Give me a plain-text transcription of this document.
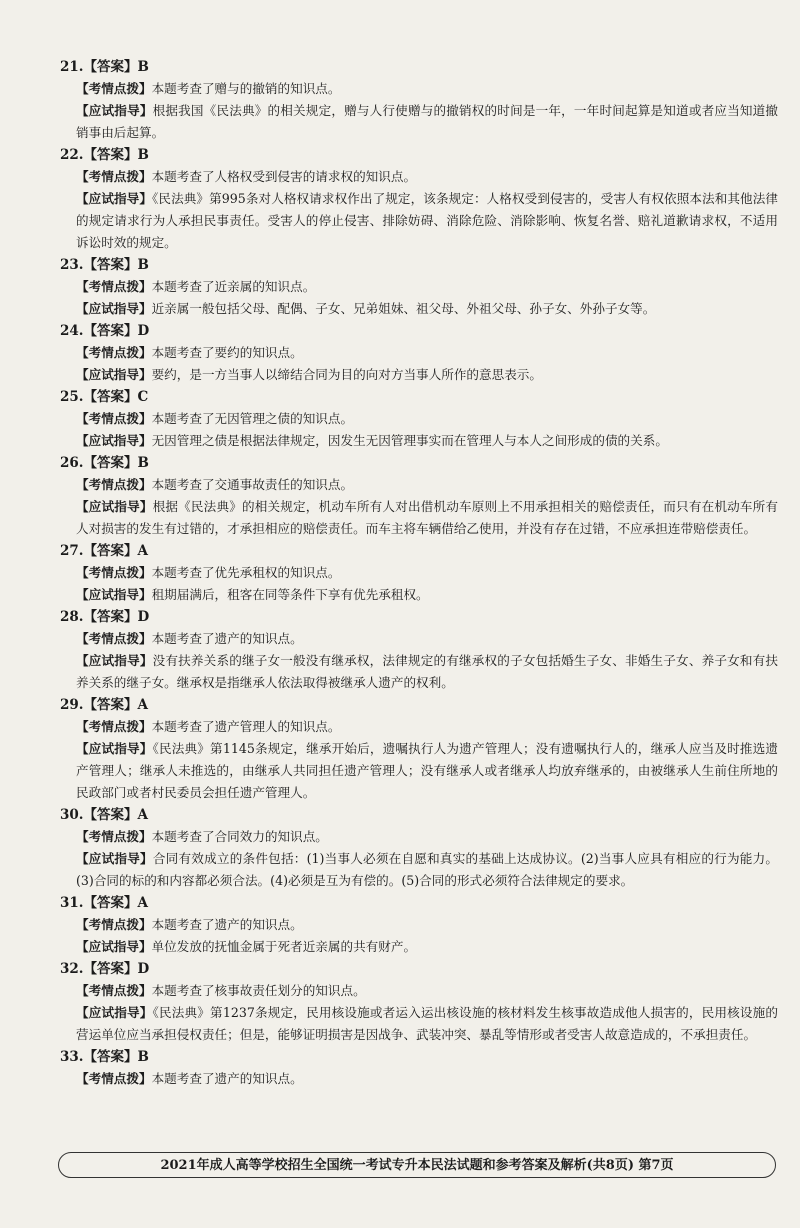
21.【答案】B
【考情点拨】本题考查了赠与的撤销的知识点。
【应试指导】根据我国《民法典》的相关规定，赠与人行使赠与的撤销权的时间是一年，一年时间起算是知道或者应当知道撤销事由后起算。
22.【答案】B
【考情点拨】本题考查了人格权受到侵害的请求权的知识点。
【应试指导】《民法典》第995条对人格权请求权作出了规定，该条规定：人格权受到侵害的，受害人有权依照本法和其他法律的规定请求行为人承担民事责任。受害人的停止侵害、排除妨碍、消除危险、消除影响、恢复名誉、赔礼道歉请求权，不适用诉讼时效的规定。
23.【答案】B
【考情点拨】本题考查了近亲属的知识点。
【应试指导】近亲属一般包括父母、配偶、子女、兄弟姐妹、祖父母、外祖父母、孙子女、外孙子女等。
24.【答案】D
【考情点拨】本题考查了要约的知识点。
【应试指导】要约，是一方当事人以缔结合同为目的向对方当事人所作的意思表示。
25.【答案】C
【考情点拨】本题考查了无因管理之债的知识点。
【应试指导】无因管理之债是根据法律规定，因发生无因管理事实而在管理人与本人之间形成的债的关系。
26.【答案】B
【考情点拨】本题考查了交通事故责任的知识点。
【应试指导】根据《民法典》的相关规定，机动车所有人对出借机动车原则上不用承担相关的赔偿责任，而只有在机动车所有人对损害的发生有过错的，才承担相应的赔偿责任。而车主将车辆借给乙使用，并没有存在过错，不应承担连带赔偿责任。
27.【答案】A
【考情点拨】本题考查了优先承租权的知识点。
【应试指导】租期届满后，租客在同等条件下享有优先承租权。
28.【答案】D
【考情点拨】本题考查了遗产的知识点。
【应试指导】没有扶养关系的继子女一般没有继承权，法律规定的有继承权的子女包括婚生子女、非婚生子女、养子女和有扶养关系的继子女。继承权是指继承人依法取得被继承人遗产的权利。
29.【答案】A
【考情点拨】本题考查了遗产管理人的知识点。
【应试指导】《民法典》第1145条规定，继承开始后，遗嘱执行人为遗产管理人；没有遗嘱执行人的，继承人应当及时推选遗产管理人；继承人未推选的，由继承人共同担任遗产管理人；没有继承人或者继承人均放弃继承的，由被继承人生前住所地的民政部门或者村民委员会担任遗产管理人。
30.【答案】A
【考情点拨】本题考查了合同效力的知识点。
【应试指导】合同有效成立的条件包括：(1)当事人必须在自愿和真实的基础上达成协议。(2)当事人应具有相应的行为能力。(3)合同的标的和内容都必须合法。(4)必须是互为有偿的。(5)合同的形式必须符合法律规定的要求。
31.【答案】A
【考情点拨】本题考查了遗产的知识点。
【应试指导】单位发放的抚恤金属于死者近亲属的共有财产。
32.【答案】D
【考情点拨】本题考查了核事故责任划分的知识点。
【应试指导】《民法典》第1237条规定，民用核设施或者运入运出核设施的核材料发生核事故造成他人损害的，民用核设施的营运单位应当承担侵权责任；但是，能够证明损害是因战争、武装冲突、暴乱等情形或者受害人故意造成的，不承担责任。
33.【答案】B
【考情点拨】本题考查了遗产的知识点。
2021年成人高等学校招生全国统一考试专升本民法试题和参考答案及解析(共8页) 第7页
